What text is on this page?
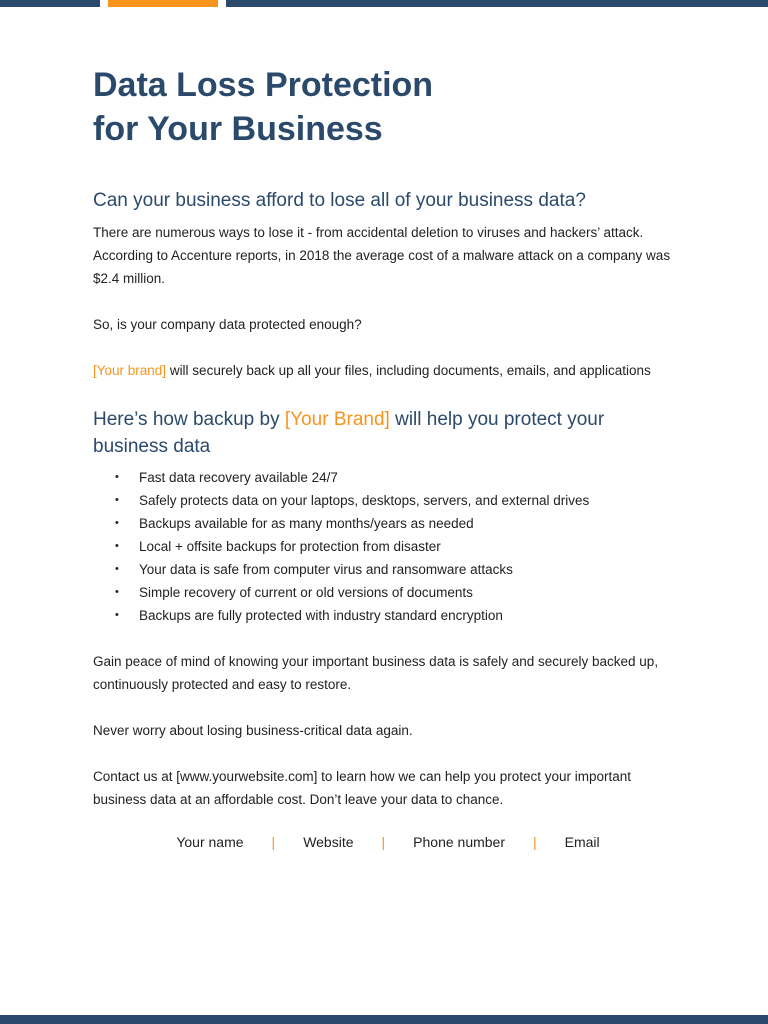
Data Loss Protection
for Your Business
Can your business afford to lose all of your business data?

There are numerous ways to lose it - from accidental deletion to viruses and hackers’ attack. According to Accenture reports, in 2018 the average cost of a malware attack on a company was $2.4 million.

So, is your company data protected enough?

[Your brand] will securely back up all your files, including documents, emails, and applications

Here’s how backup by [Your Brand] will help you protect your business data
• Fast data recovery available 24/7
• Safely protects data on your laptops, desktops, servers, and external drives
• Backups available for as many months/years as needed
• Local + offsite backups for protection from disaster
• Your data is safe from computer virus and ransomware attacks
• Simple recovery of current or old versions of documents
• Backups are fully protected with industry standard encryption

Gain peace of mind of knowing your important business data is safely and securely backed up, continuously protected and easy to restore.

Never worry about losing business-critical data again.

Contact us at [www.yourwebsite.com] to learn how we can help you protect your important business data at an affordable cost. Don’t leave your data to chance.

Your name | Website | Phone number | Email
